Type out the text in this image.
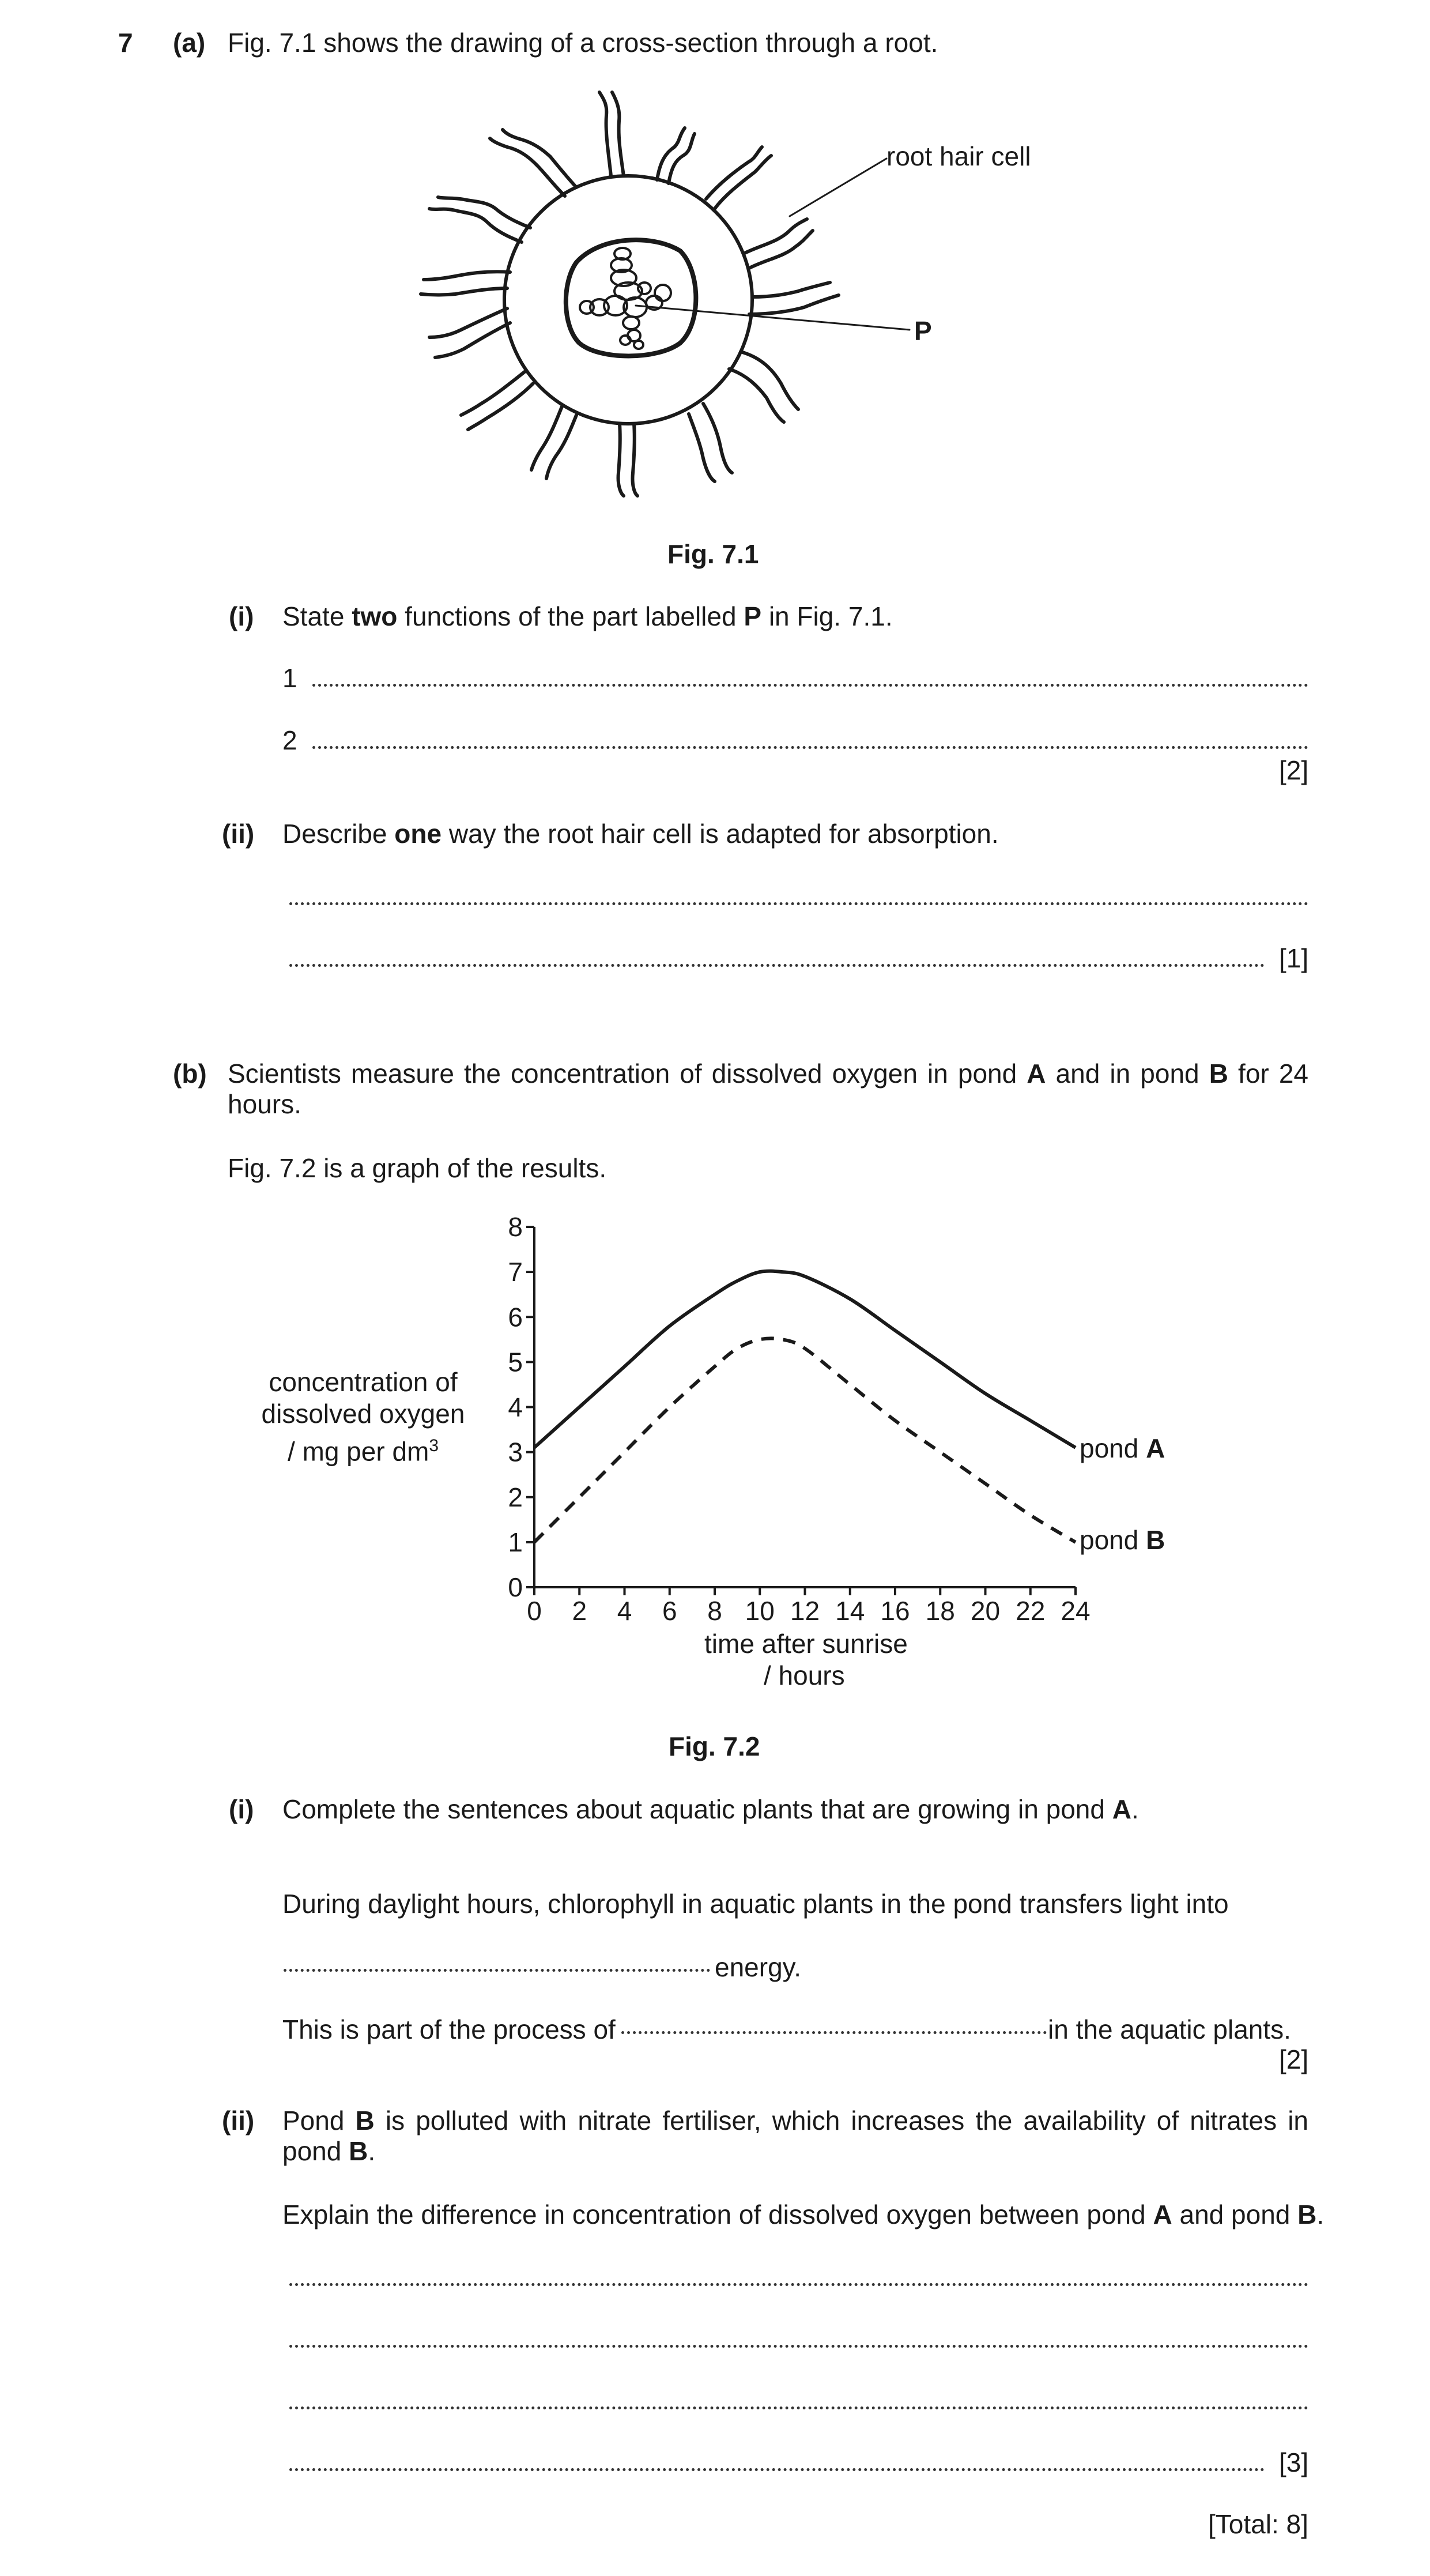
7 (a) Fig. 7.1 shows the drawing of a cross-section through a root.
root hair cell
P
Fig. 7.1
(i) State two functions of the part labelled P in Fig. 7.1.
1
2
[2]
(ii) Describe one way the root hair cell is adapted for absorption.
[1]
(b) Scientists measure the concentration of dissolved oxygen in pond A and in pond B for 24 hours.
Fig. 7.2 is a graph of the results.
concentration of
dissolved oxygen
/ mg per $dm^3$
0 2 4 6 8 10 12 14 16 18 20 22 24
0
1
2
3
4
5
6
7
8
time after sunrise
/ hours
pond A
pond B
Fig. 7.2
(i) Complete the sentences about aquatic plants that are growing in pond A.
During daylight hours, chlorophyll in aquatic plants in the pond transfers light into
energy.
This is part of the process of	in the aquatic plants.
[2]
(ii) Pond B is polluted with nitrate fertiliser, which increases the availability of nitrates in pond B.
Explain the difference in concentration of dissolved oxygen between pond A and pond B.
[3]
[Total: 8]
